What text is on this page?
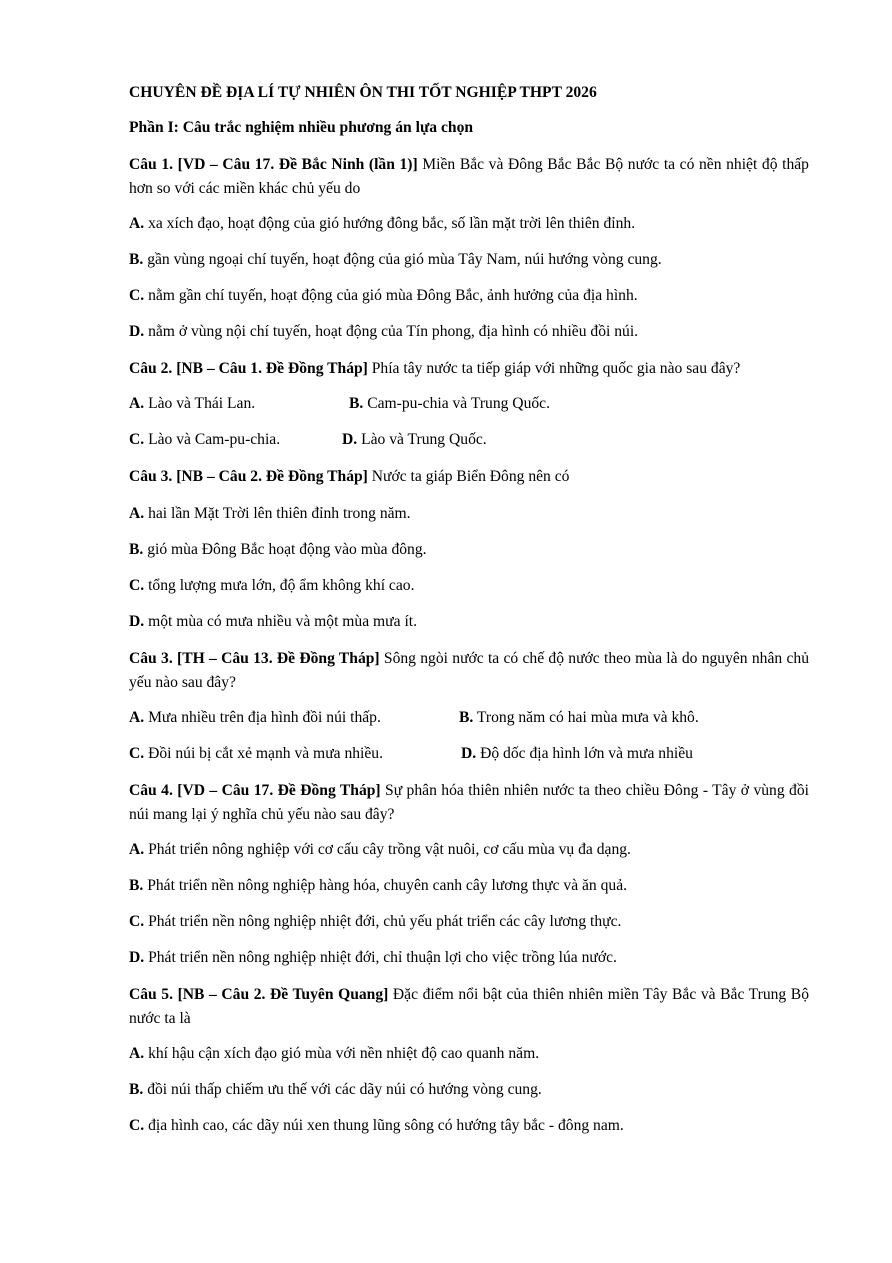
CHUYÊN ĐỀ ĐỊA LÍ TỰ NHIÊN ÔN THI TỐT NGHIỆP THPT 2026

Phần I: Câu trắc nghiệm nhiều phương án lựa chọn

Câu 1. [VD – Câu 17. Đề Bắc Ninh (lần 1)] Miền Bắc và Đông Bắc Bắc Bộ nước ta có nền nhiệt độ thấp hơn so với các miền khác chủ yếu do

A. xa xích đạo, hoạt động của gió hướng đông bắc, số lần mặt trời lên thiên đỉnh.

B. gần vùng ngoại chí tuyến, hoạt động của gió mùa Tây Nam, núi hướng vòng cung.

C. nằm gần chí tuyến, hoạt động của gió mùa Đông Bắc, ảnh hưởng của địa hình.

D. nằm ở vùng nội chí tuyến, hoạt động của Tín phong, địa hình có nhiều đồi núi.

Câu 2. [NB – Câu 1. Đề Đồng Tháp] Phía tây nước ta tiếp giáp với những quốc gia nào sau đây?

A. Lào và Thái Lan.	B. Cam-pu-chia và Trung Quốc.

C. Lào và Cam-pu-chia.	D. Lào và Trung Quốc.

Câu 3. [NB – Câu 2. Đề Đồng Tháp] Nước ta giáp Biển Đông nên có

A. hai lần Mặt Trời lên thiên đỉnh trong năm.

B. gió mùa Đông Bắc hoạt động vào mùa đông.

C. tổng lượng mưa lớn, độ ẩm không khí cao.

D. một mùa có mưa nhiều và một mùa mưa ít.

Câu 3. [TH – Câu 13. Đề Đồng Tháp] Sông ngòi nước ta có chế độ nước theo mùa là do nguyên nhân chủ yếu nào sau đây?

A. Mưa nhiều trên địa hình đồi núi thấp.	B. Trong năm có hai mùa mưa và khô.

C. Đồi núi bị cắt xẻ mạnh và mưa nhiều.	D. Độ dốc địa hình lớn và mưa nhiều

Câu 4. [VD – Câu 17. Đề Đồng Tháp] Sự phân hóa thiên nhiên nước ta theo chiều Đông - Tây ở vùng đồi núi mang lại ý nghĩa chủ yếu nào sau đây?

A. Phát triển nông nghiệp với cơ cấu cây trồng vật nuôi, cơ cấu mùa vụ đa dạng.

B. Phát triển nền nông nghiệp hàng hóa, chuyên canh cây lương thực và ăn quả.

C. Phát triển nền nông nghiệp nhiệt đới, chủ yếu phát triển các cây lương thực.

D. Phát triển nền nông nghiệp nhiệt đới, chỉ thuận lợi cho việc trồng lúa nước.

Câu 5. [NB – Câu 2. Đề Tuyên Quang] Đặc điểm nổi bật của thiên nhiên miền Tây Bắc và Bắc Trung Bộ nước ta là

A. khí hậu cận xích đạo gió mùa với nền nhiệt độ cao quanh năm.

B. đồi núi thấp chiếm ưu thế với các dãy núi có hướng vòng cung.

C. địa hình cao, các dãy núi xen thung lũng sông có hướng tây bắc - đông nam.
